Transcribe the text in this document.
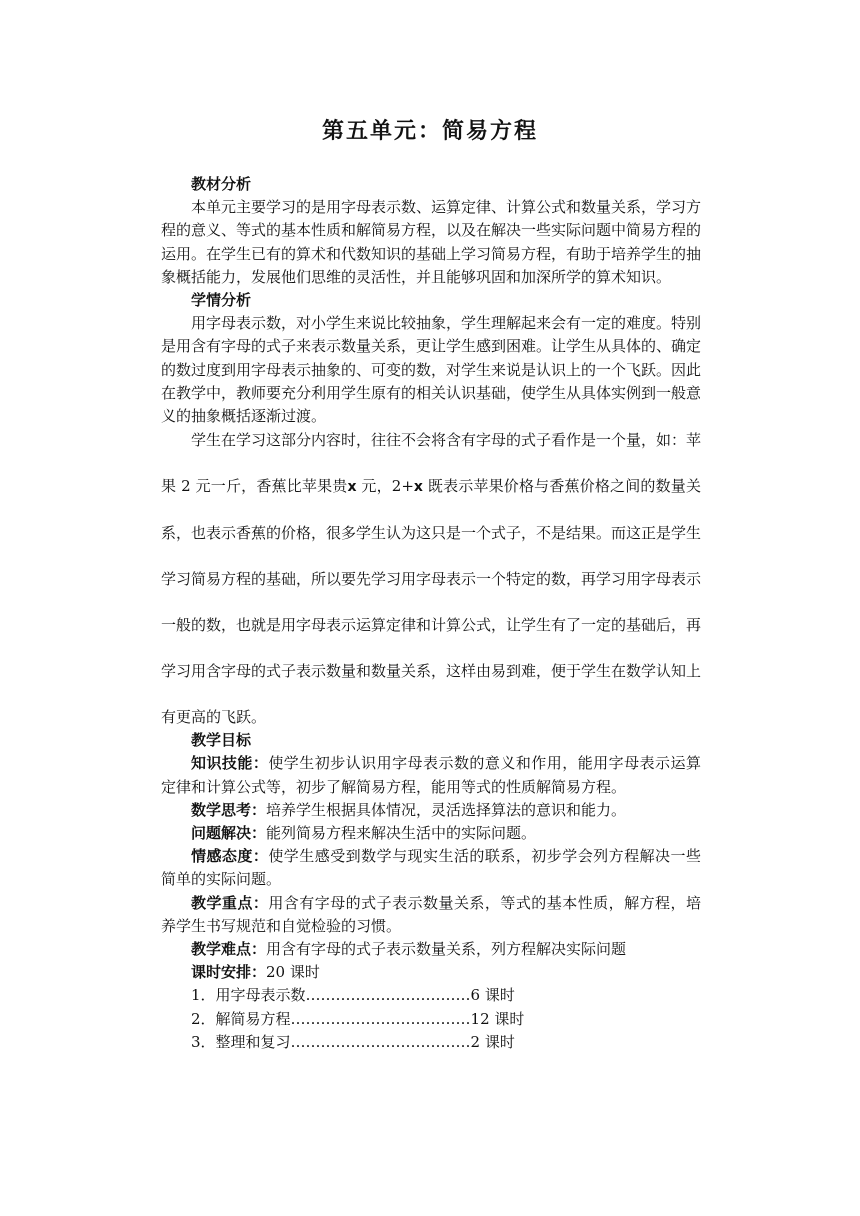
第五单元：简易方程

教材分析

本单元主要学习的是用字母表示数、运算定律、计算公式和数量关系，学习方程的意义、等式的基本性质和解简易方程，以及在解决一些实际问题中简易方程的运用。在学生已有的算术和代数知识的基础上学习简易方程，有助于培养学生的抽象概括能力，发展他们思维的灵活性，并且能够巩固和加深所学的算术知识。

学情分析

用字母表示数，对小学生来说比较抽象，学生理解起来会有一定的难度。特别是用含有字母的式子来表示数量关系，更让学生感到困难。让学生从具体的、确定的数过度到用字母表示抽象的、可变的数，对学生来说是认识上的一个飞跃。因此在教学中，教师要充分利用学生原有的相关认识基础，使学生从具体实例到一般意义的抽象概括逐渐过渡。

学生在学习这部分内容时，往往不会将含有字母的式子看作是一个量，如：苹果 2 元一斤，香蕉比苹果贵x 元，2+x 既表示苹果价格与香蕉价格之间的数量关系，也表示香蕉的价格，很多学生认为这只是一个式子，不是结果。而这正是学生学习简易方程的基础，所以要先学习用字母表示一个特定的数，再学习用字母表示一般的数，也就是用字母表示运算定律和计算公式，让学生有了一定的基础后，再学习用含字母的式子表示数量和数量关系，这样由易到难，便于学生在数学认知上有更高的飞跃。

教学目标

知识技能：使学生初步认识用字母表示数的意义和作用，能用字母表示运算定律和计算公式等，初步了解简易方程，能用等式的性质解简易方程。

数学思考：培养学生根据具体情况，灵活选择算法的意识和能力。

问题解决：能列简易方程来解决生活中的实际问题。

情感态度：使学生感受到数学与现实生活的联系，初步学会列方程解决一些简单的实际问题。

教学重点：用含有字母的式子表示数量关系，等式的基本性质，解方程，培养学生书写规范和自觉检验的习惯。

教学难点：用含有字母的式子表示数量关系，列方程解决实际问题

课时安排：20 课时

1．用字母表示数……………………………6 课时

2．解简易方程………………………………12 课时

3．整理和复习………………………………2 课时
